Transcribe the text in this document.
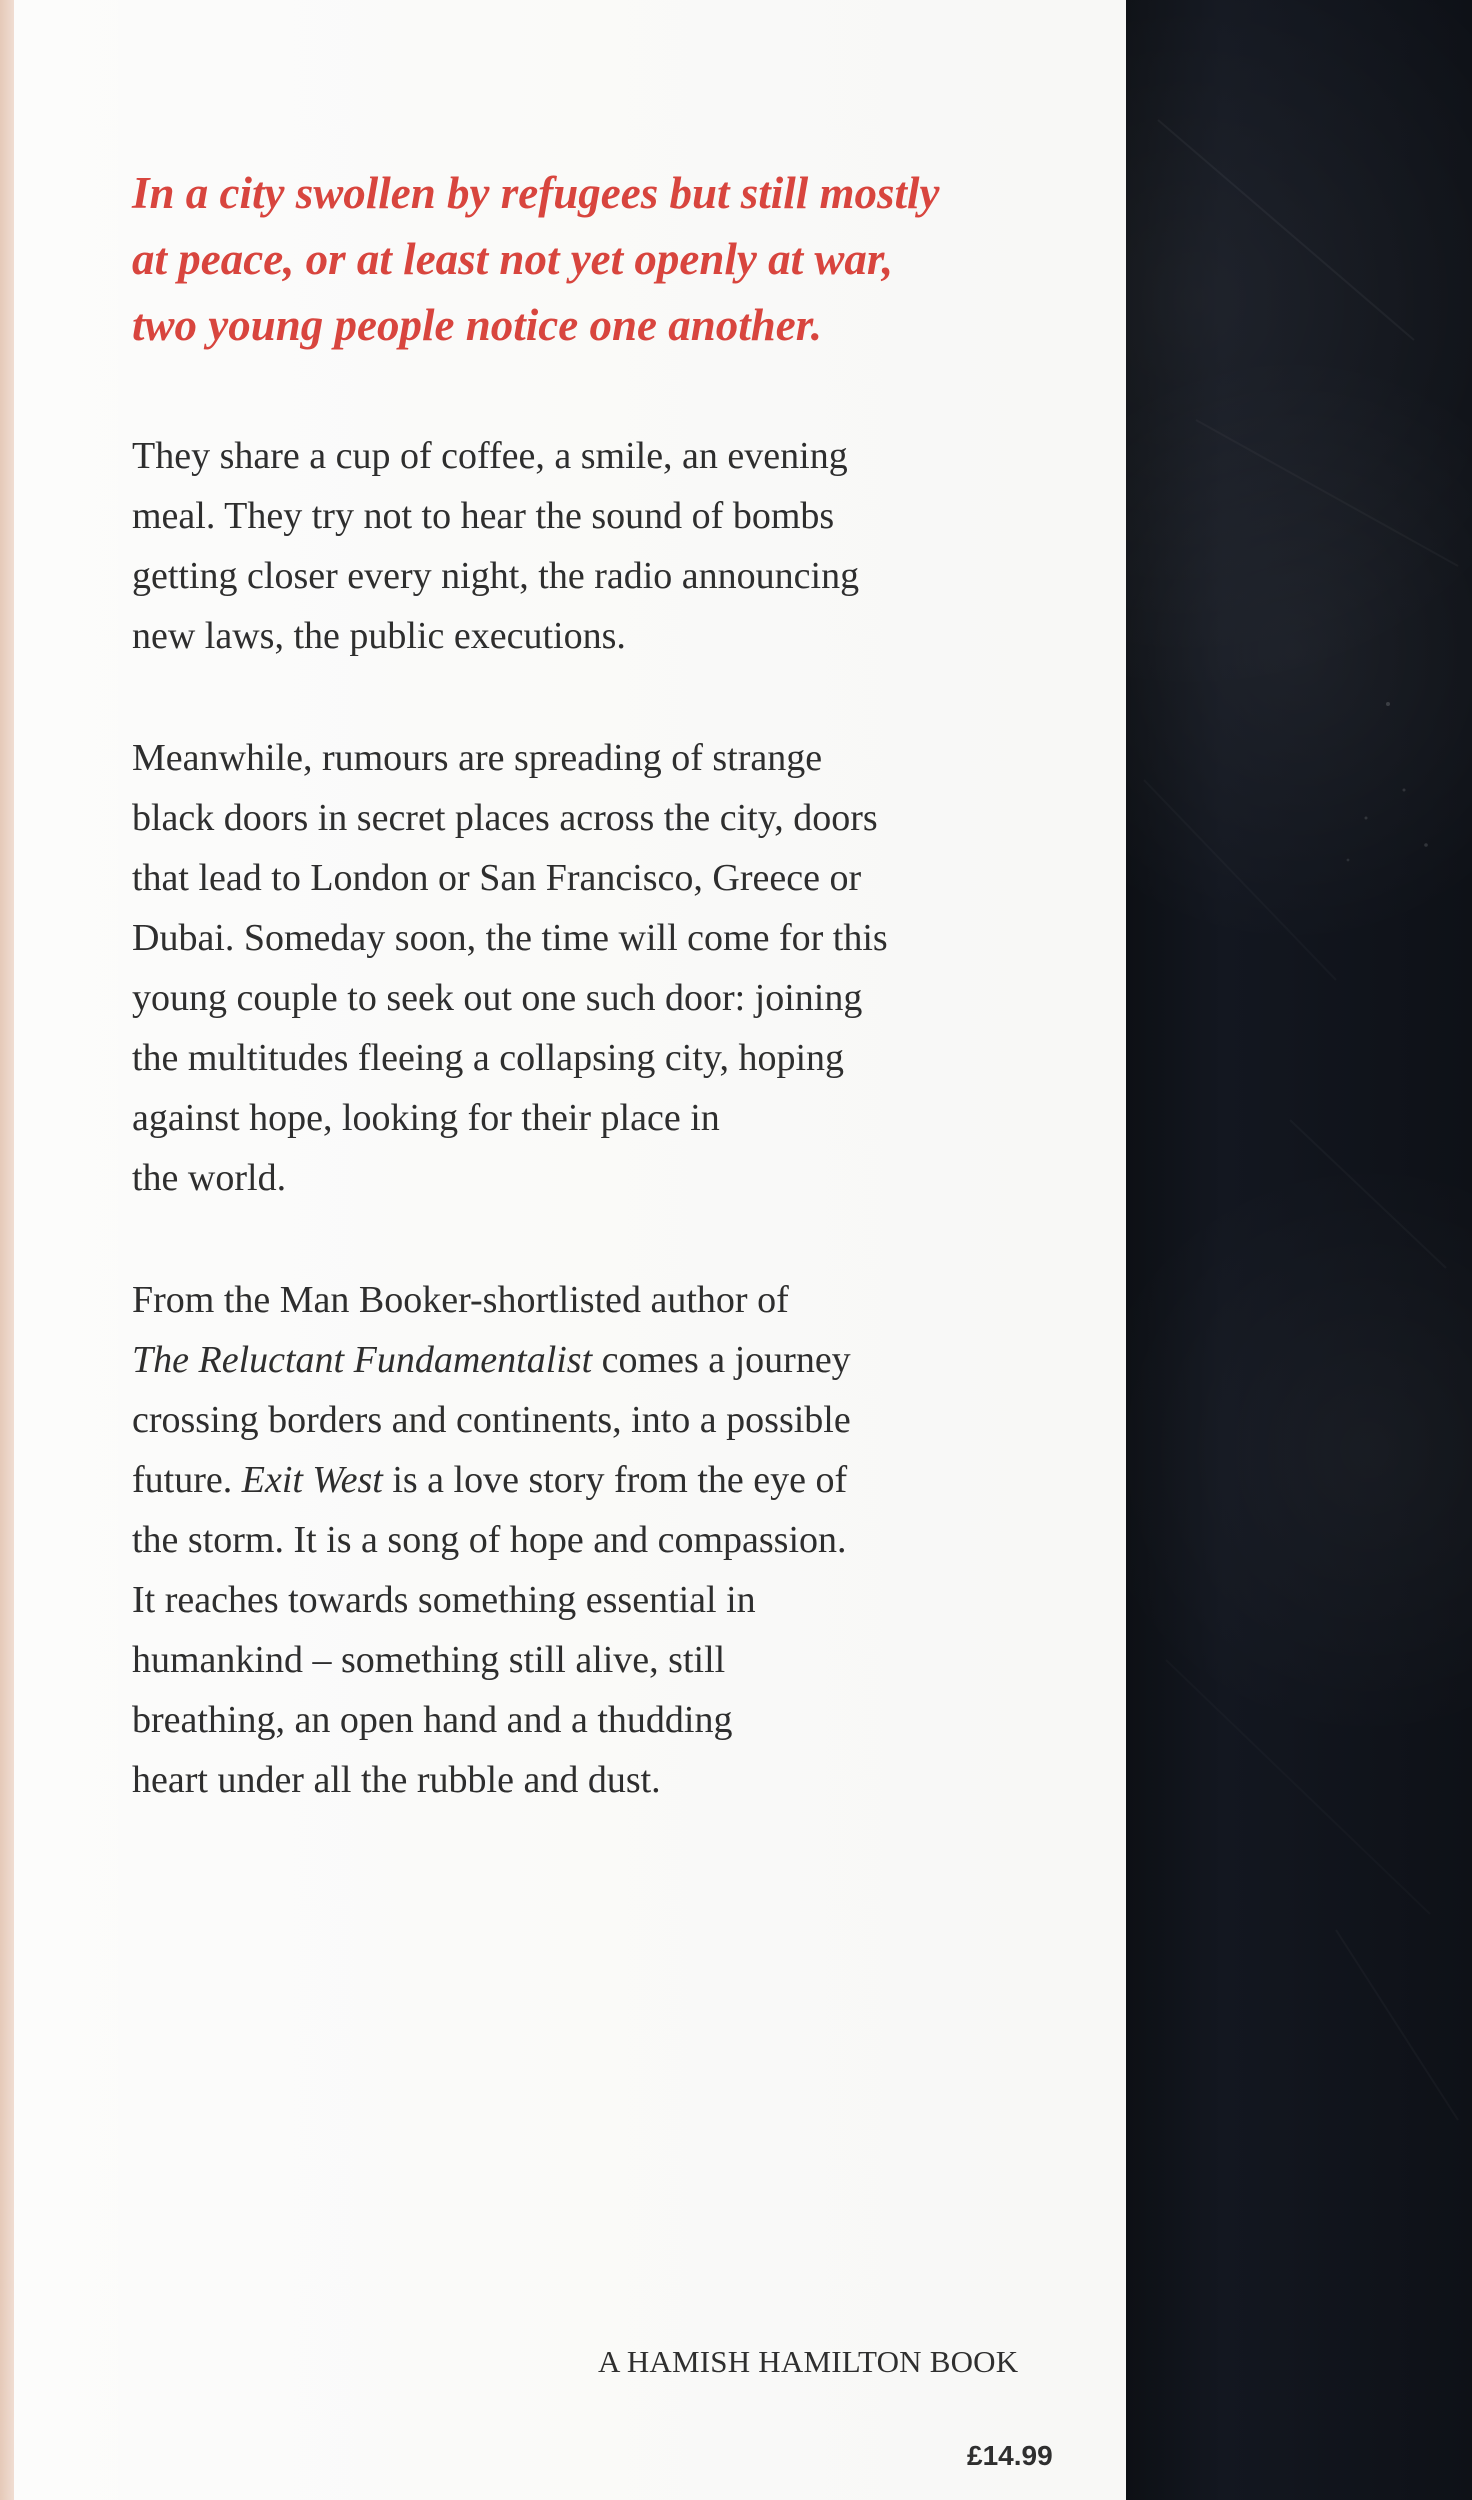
In a city swollen by refugees but still mostly
at peace, or at least not yet openly at war,
two young people notice one another.

They share a cup of coffee, a smile, an evening
meal. They try not to hear the sound of bombs
getting closer every night, the radio announcing
new laws, the public executions.

Meanwhile, rumours are spreading of strange
black doors in secret places across the city, doors
that lead to London or San Francisco, Greece or
Dubai. Someday soon, the time will come for this
young couple to seek out one such door: joining
the multitudes fleeing a collapsing city, hoping
against hope, looking for their place in
the world.

From the Man Booker-shortlisted author of
The Reluctant Fundamentalist comes a journey
crossing borders and continents, into a possible
future. Exit West is a love story from the eye of
the storm. It is a song of hope and compassion.
It reaches towards something essential in
humankind – something still alive, still
breathing, an open hand and a thudding
heart under all the rubble and dust.

A HAMISH HAMILTON BOOK
£14.99
